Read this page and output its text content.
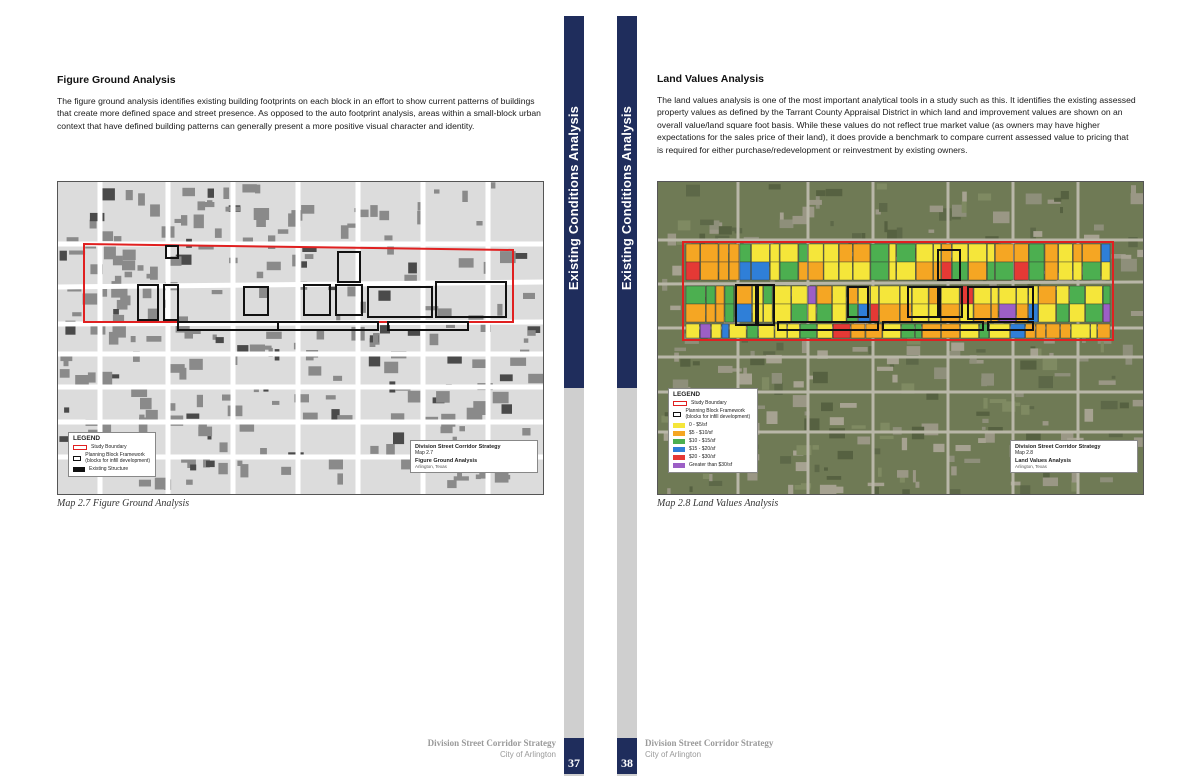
Figure Ground Analysis

The figure ground analysis identifies existing building footprints on each block in an effort to show current patterns of buildings that create more defined space and street presence. As opposed to the auto footprint analysis, areas within a small-block urban context that have defined building patterns can generally present a more positive visual character and identity.

LEGEND
Study Boundary
Planning Block Framework (blocks for infill development)
Existing Structure
Division Street Corridor Strategy
Map 2.7
Figure Ground Analysis
Arlington, Texas
Map 2.7 Figure Ground Analysis
Division Street Corridor Strategy
City of Arlington
Existing Conditions Analysis
37
Existing Conditions Analysis
38
Land Values Analysis

The land values analysis is one of the most important analytical tools in a study such as this. It identifies the existing assessed property values as defined by the Tarrant County Appraisal District in which land and improvement values are shown on an overall value/land square foot basis. While these values do not reflect true market value (as owners may have higher expectations for the sales price of their land), it does provide a benchmark to compare current assessed value to pricing that is required for either purchase/redevelopment or reinvestment by existing owners.

LEGEND
Study Boundary
Planning Block Framework (blocks for infill development)
0 - $5/sf
$5 - $10/sf
$10 - $15/sf
$15 - $20/sf
$20 - $30/sf
Greater than $30/sf
Division Street Corridor Strategy
Map 2.8
Land Values Analysis
Arlington, Texas
Map 2.8 Land Values Analysis
Division Street Corridor Strategy
City of Arlington
